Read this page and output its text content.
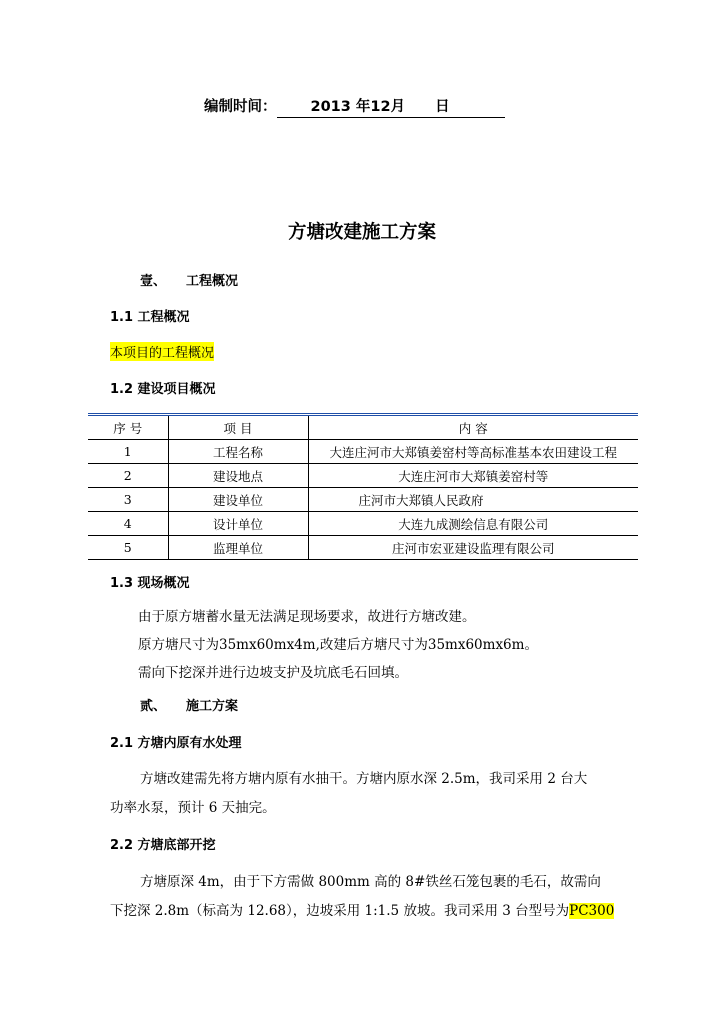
编制时间： 2013 年12月 日
方塘改建施工方案
壹、 工程概况
1.1 工程概况
本项目的工程概况
1.2 建设项目概况
序 号	项 目	内 容
1	工程名称	大连庄河市大郑镇姜窑村等高标准基本农田建设工程
2	建设地点	大连庄河市大郑镇姜窑村等
3	建设单位	庄河市大郑镇人民政府
4	设计单位	大连九成测绘信息有限公司
5	监理单位	庄河市宏亚建设监理有限公司
1.3 现场概况
由于原方塘蓄水量无法满足现场要求，故进行方塘改建。
原方塘尺寸为35mx60mx4m,改建后方塘尺寸为35mx60mx6m。
需向下挖深并进行边坡支护及坑底毛石回填。
贰、 施工方案
2.1 方塘内原有水处理
方塘改建需先将方塘内原有水抽干。方塘内原水深 2.5m，我司采用 2 台大
功率水泵，预计 6 天抽完。
2.2 方塘底部开挖
方塘原深 4m，由于下方需做 800mm 高的 8#铁丝石笼包裹的毛石，故需向
下挖深 2.8m（标高为 12.68），边坡采用 1:1.5 放坡。我司采用 3 台型号为PC300
